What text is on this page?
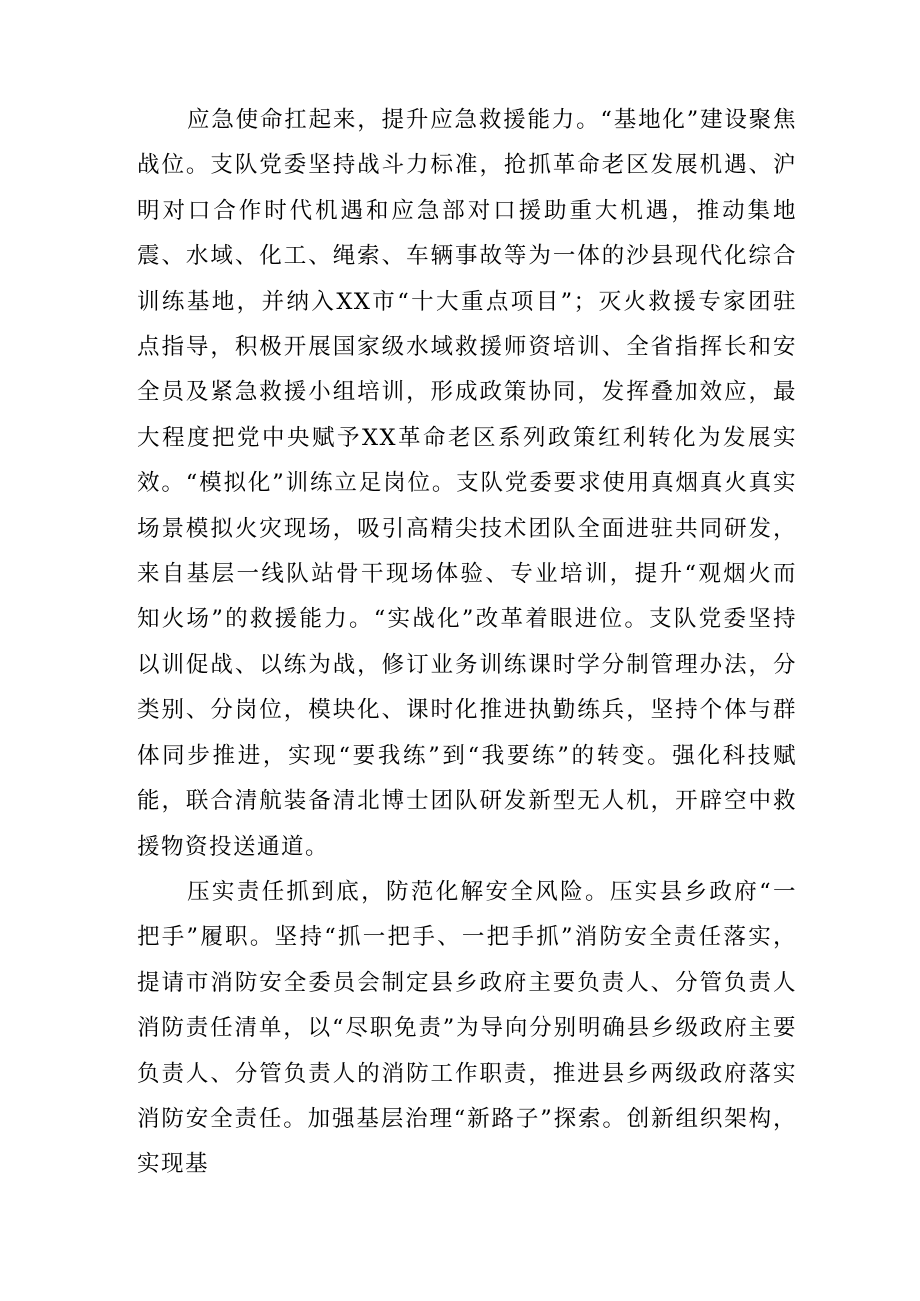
应急使命扛起来，提升应急救援能力。“基地化”建设聚焦战位。支队党委坚持战斗力标准，抢抓革命老区发展机遇、沪明对口合作时代机遇和应急部对口援助重大机遇，推动集地震、水域、化工、绳索、车辆事故等为一体的沙县现代化综合训练基地，并纳入XX市“十大重点项目”；灭火救援专家团驻点指导，积极开展国家级水域救援师资培训、全省指挥长和安全员及紧急救援小组培训，形成政策协同，发挥叠加效应，最大程度把党中央赋予XX革命老区系列政策红利转化为发展实效。“模拟化”训练立足岗位。支队党委要求使用真烟真火真实场景模拟火灾现场，吸引高精尖技术团队全面进驻共同研发，来自基层一线队站骨干现场体验、专业培训，提升“观烟火而知火场”的救援能力。“实战化”改革着眼进位。支队党委坚持以训促战、以练为战，修订业务训练课时学分制管理办法，分类别、分岗位，模块化、课时化推进执勤练兵，坚持个体与群体同步推进，实现“要我练”到“我要练”的转变。强化科技赋能，联合清航装备清北博士团队研发新型无人机，开辟空中救援物资投送通道。

压实责任抓到底，防范化解安全风险。压实县乡政府“一把手”履职。坚持“抓一把手、一把手抓”消防安全责任落实，提请市消防安全委员会制定县乡政府主要负责人、分管负责人消防责任清单，以“尽职免责”为导向分别明确县乡级政府主要负责人、分管负责人的消防工作职责，推进县乡两级政府落实消防安全责任。加强基层治理“新路子”探索。创新组织架构，实现基
